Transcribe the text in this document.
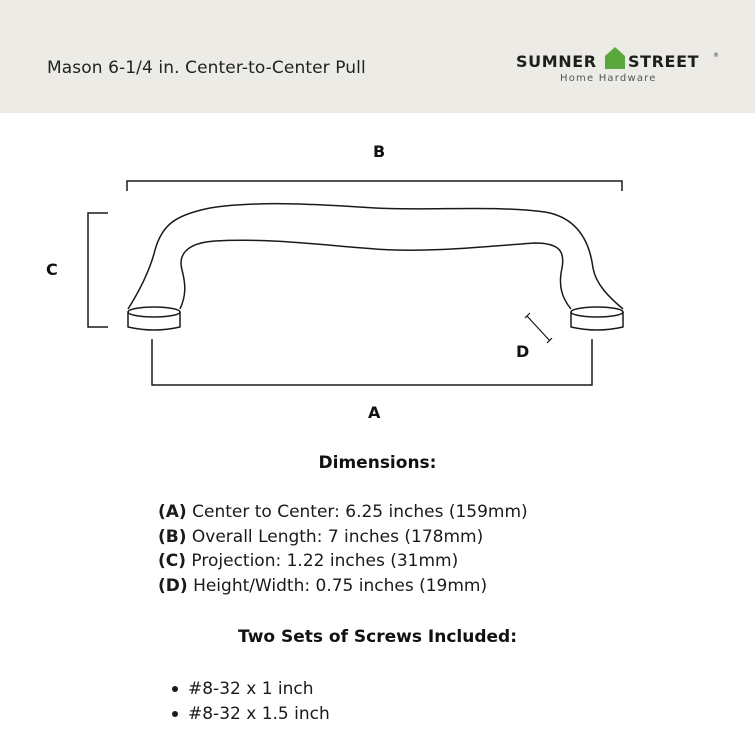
Mason 6-1/4 in. Center-to-Center Pull	SUMNER STREET ®
Home Hardware
B
C
D
A
Dimensions:
(A) Center to Center: 6.25 inches (159mm)
(B) Overall Length: 7 inches (178mm)
(C) Projection: 1.22 inches (31mm)
(D) Height/Width: 0.75 inches (19mm)
Two Sets of Screws Included:
#8-32 x 1 inch
#8-32 x 1.5 inch
